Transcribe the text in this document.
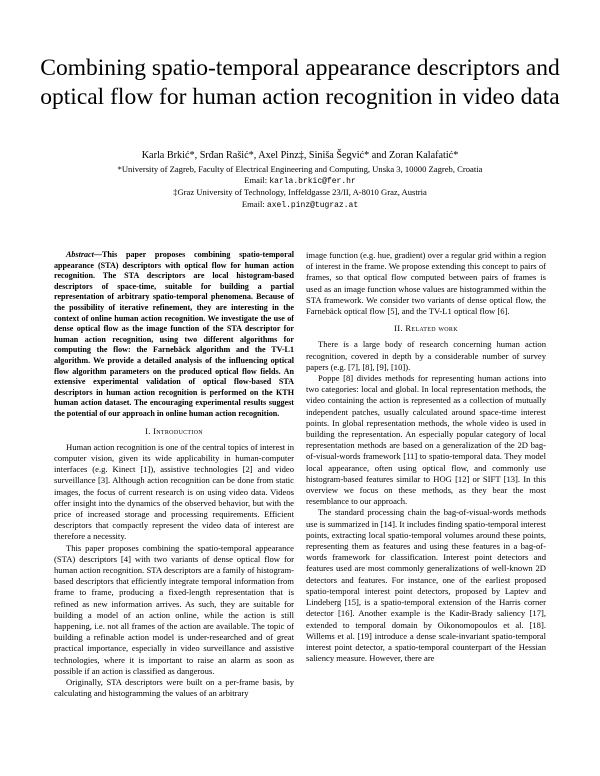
Combining spatio-temporal appearance descriptors and optical flow for human action recognition in video data
Karla Brkić*, Srđan Rašić*, Axel Pinz‡, Siniša Šegvić* and Zoran Kalafatić*
*University of Zagreb, Faculty of Electrical Engineering and Computing, Unska 3, 10000 Zagreb, Croatia
Email: karla.brkic@fer.hr
‡Graz University of Technology, Inffeldgasse 23/II, A-8010 Graz, Austria
Email: axel.pinz@tugraz.at

Abstract—This paper proposes combining spatio-temporal appearance (STA) descriptors with optical flow for human action recognition. The STA descriptors are local histogram-based descriptors of space-time, suitable for building a partial representation of arbitrary spatio-temporal phenomena. Because of the possibility of iterative refinement, they are interesting in the context of online human action recognition. We investigate the use of dense optical flow as the image function of the STA descriptor for human action recognition, using two different algorithms for computing the flow: the Farnebäck algorithm and the TV-L1 algorithm. We provide a detailed analysis of the influencing optical flow algorithm parameters on the produced optical flow fields. An extensive experimental validation of optical flow-based STA descriptors in human action recognition is performed on the KTH human action dataset. The encouraging experimental results suggest the potential of our approach in online human action recognition.

I. Introduction

Human action recognition is one of the central topics of interest in computer vision, given its wide applicability in human-computer interfaces (e.g. Kinect [1]), assistive technologies [2] and video surveillance [3]. Although action recognition can be done from static images, the focus of current research is on using video data. Videos offer insight into the dynamics of the observed behavior, but with the price of increased storage and processing requirements. Efficient descriptors that compactly represent the video data of interest are therefore a necessity.

This paper proposes combining the spatio-temporal appearance (STA) descriptors [4] with two variants of dense optical flow for human action recognition. STA descriptors are a family of histogram-based descriptors that efficiently integrate temporal information from frame to frame, producing a fixed-length representation that is refined as new information arrives. As such, they are suitable for building a model of an action online, while the action is still happening, i.e. not all frames of the action are available. The topic of building a refinable action model is under-researched and of great practical importance, especially in video surveillance and assistive technologies, where it is important to raise an alarm as soon as possible if an action is classified as dangerous.

Originally, STA descriptors were built on a per-frame basis, by calculating and histogramming the values of an arbitrary

image function (e.g. hue, gradient) over a regular grid within a region of interest in the frame. We propose extending this concept to pairs of frames, so that optical flow computed between pairs of frames is used as an image function whose values are histogrammed within the STA framework. We consider two variants of dense optical flow, the Farnebäck optical flow [5], and the TV-L1 optical flow [6].

II. Related work

There is a large body of research concerning human action recognition, covered in depth by a considerable number of survey papers (e.g. [7], [8], [9], [10]).

Poppe [8] divides methods for representing human actions into two categories: local and global. In local representation methods, the video containing the action is represented as a collection of mutually independent patches, usually calculated around space-time interest points. In global representation methods, the whole video is used in building the representation. An especially popular category of local representation methods are based on a generalization of the 2D bag-of-visual-words framework [11] to spatio-temporal data. They model local appearance, often using optical flow, and commonly use histogram-based features similar to HOG [12] or SIFT [13]. In this overview we focus on these methods, as they bear the most resemblance to our approach.

The standard processing chain the bag-of-visual-words methods use is summarized in [14]. It includes finding spatio-temporal interest points, extracting local spatio-temporal volumes around these points, representing them as features and using these features in a bag-of-words framework for classification. Interest point detectors and features used are most commonly generalizations of well-known 2D detectors and features. For instance, one of the earliest proposed spatio-temporal interest point detectors, proposed by Laptev and Lindeberg [15], is a spatio-temporal extension of the Harris corner detector [16]. Another example is the Kadir-Brady saliency [17], extended to temporal domain by Oikonomopoulos et al. [18]. Willems et al. [19] introduce a dense scale-invariant spatio-temporal interest point detector, a spatio-temporal counterpart of the Hessian saliency measure. However, there are
